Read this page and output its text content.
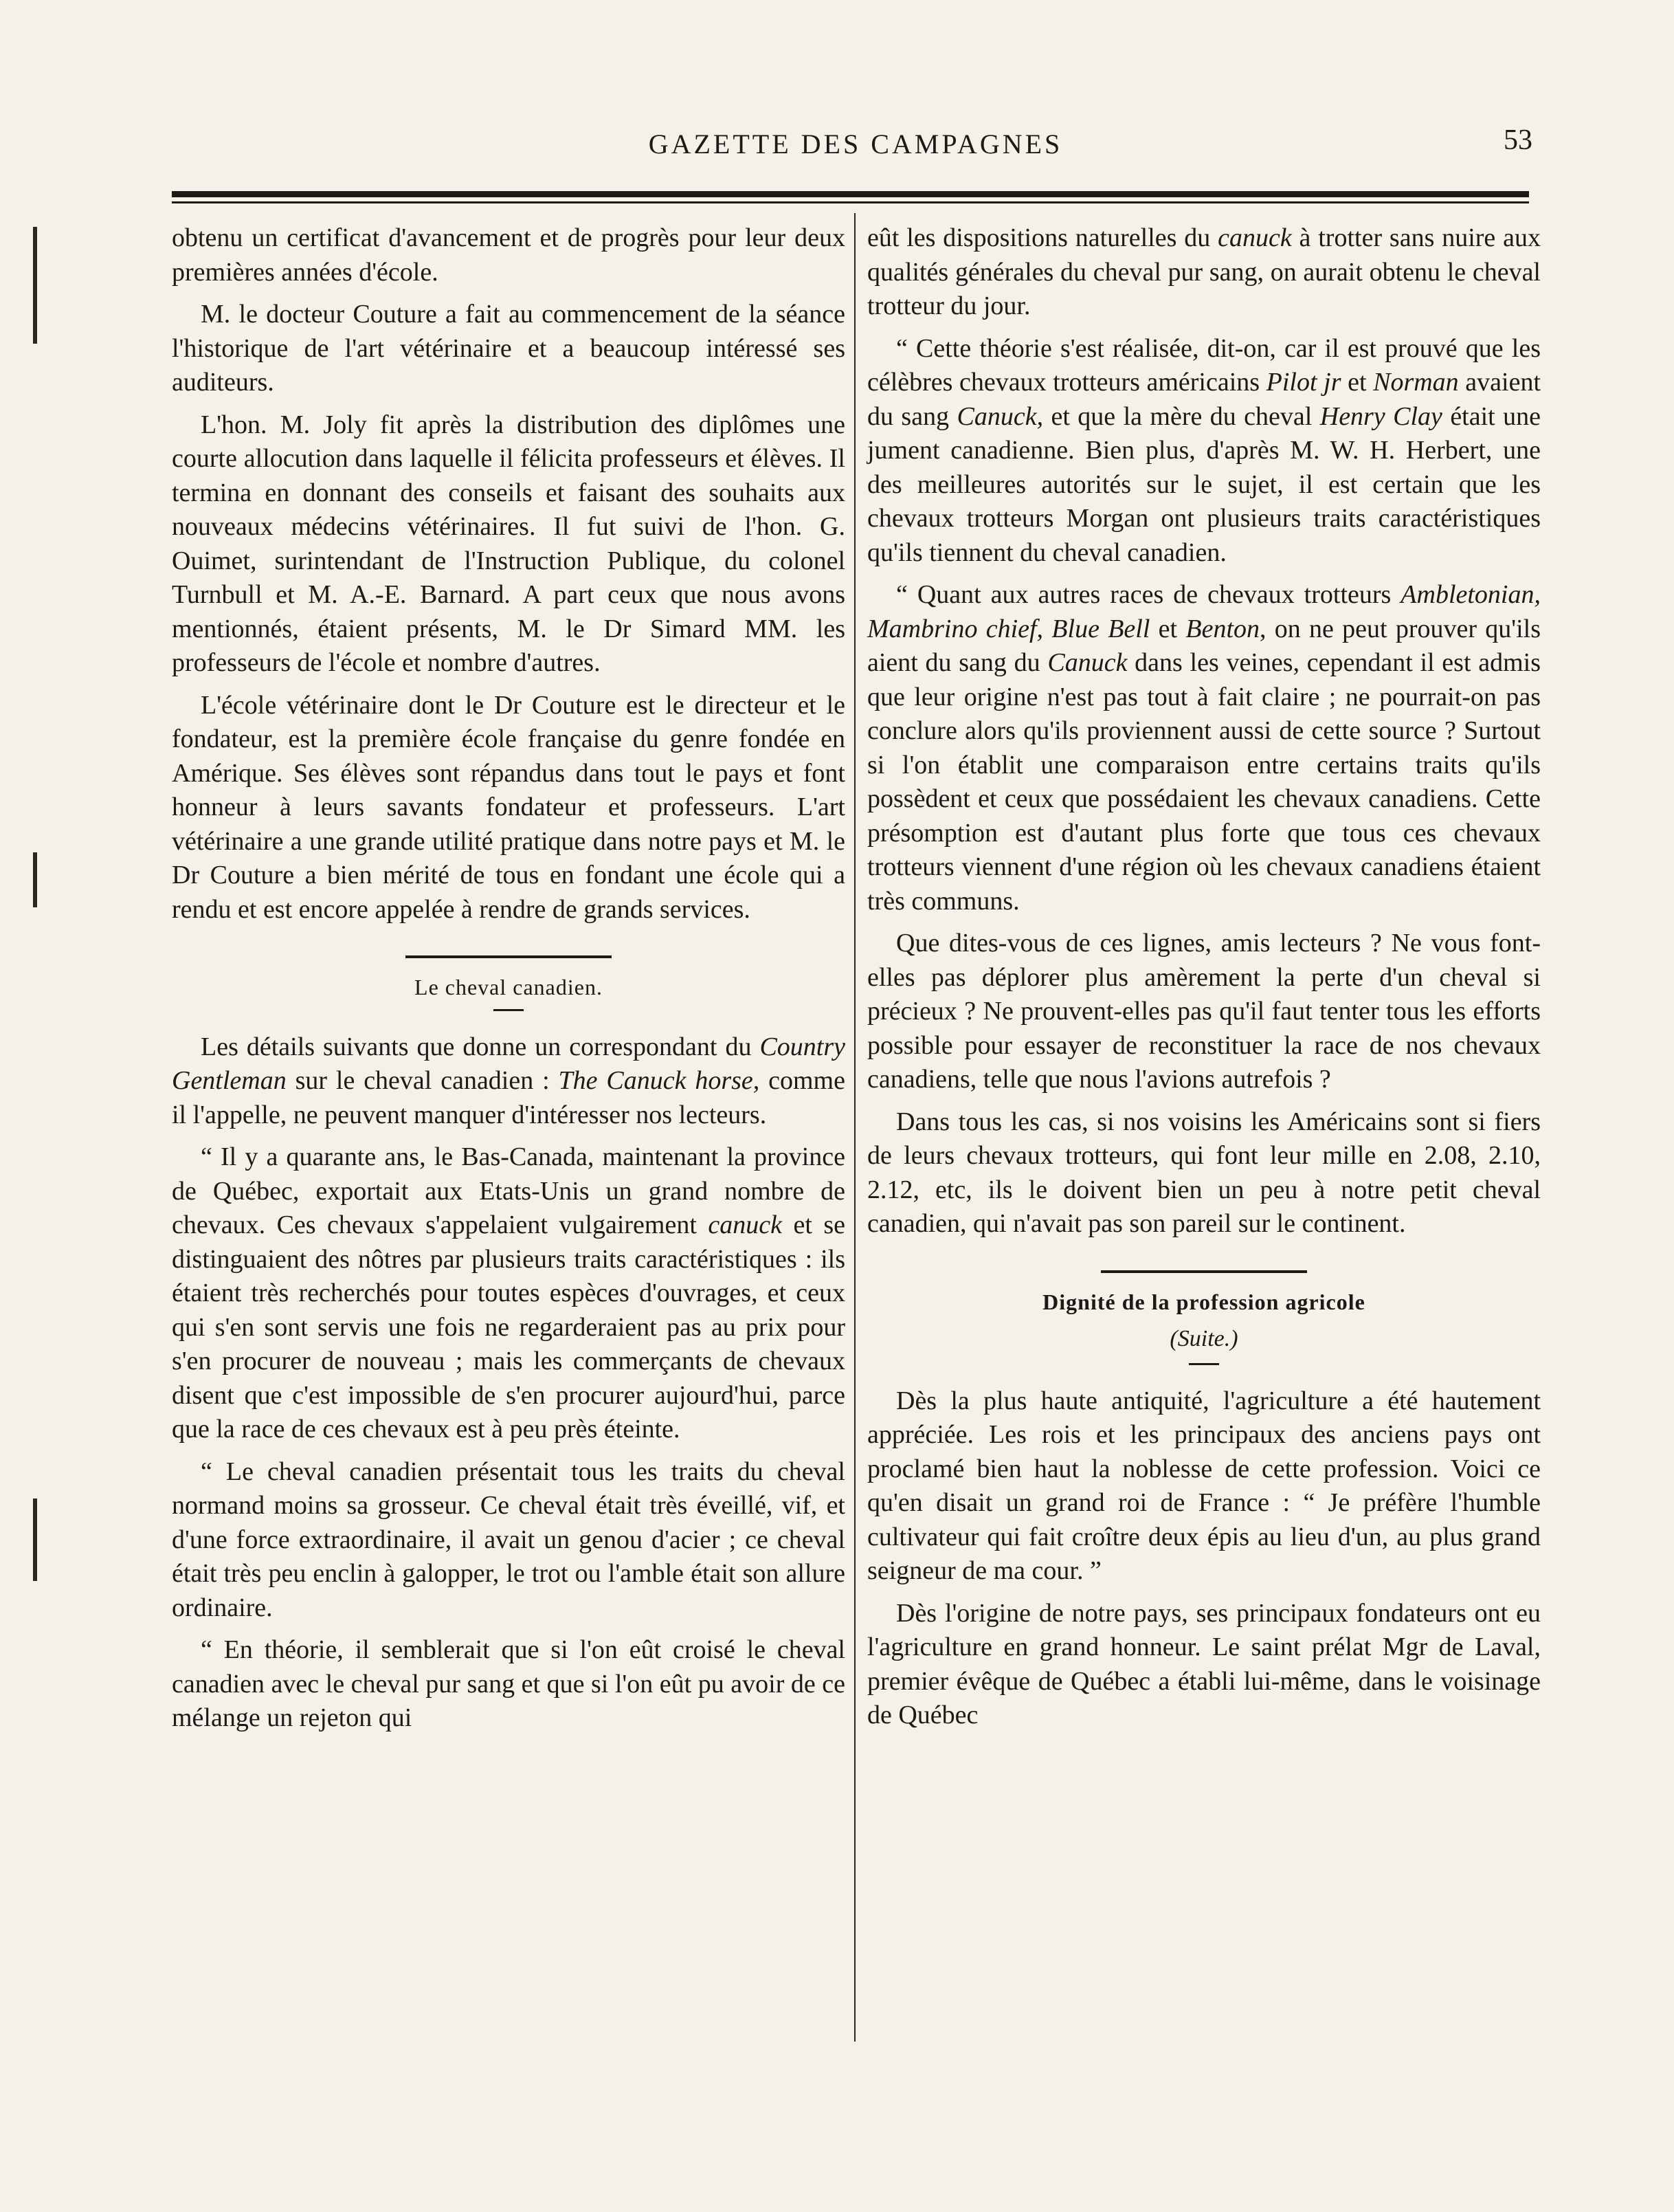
GAZETTE DES CAMPAGNES	53

obtenu un certificat d'avancement et de progrès pour leur deux premières années d'école.

M. le docteur Couture a fait au commencement de la séance l'historique de l'art vétérinaire et a beaucoup intéressé ses auditeurs.

L'hon. M. Joly fit après la distribution des diplômes une courte allocution dans laquelle il félicita professeurs et élèves. Il termina en donnant des conseils et faisant des souhaits aux nouveaux médecins vétérinaires. Il fut suivi de l'hon. G. Ouimet, surintendant de l'Instruction Publique, du colonel Turnbull et M. A.-E. Barnard. A part ceux que nous avons mentionnés, étaient présents, M. le Dr Simard MM. les professeurs de l'école et nombre d'autres.

L'école vétérinaire dont le Dr Couture est le directeur et le fondateur, est la première école française du genre fondée en Amérique. Ses élèves sont répandus dans tout le pays et font honneur à leurs savants fondateur et professeurs. L'art vétérinaire a une grande utilité pratique dans notre pays et M. le Dr Couture a bien mérité de tous en fondant une école qui a rendu et est encore appelée à rendre de grands services.

Le cheval canadien.

Les détails suivants que donne un correspondant du Country Gentleman sur le cheval canadien : The Canuck horse, comme il l'appelle, ne peuvent manquer d'intéresser nos lecteurs.

“ Il y a quarante ans, le Bas-Canada, maintenant la province de Québec, exportait aux Etats-Unis un grand nombre de chevaux. Ces chevaux s'appelaient vulgairement canuck et se distinguaient des nôtres par plusieurs traits caractéristiques : ils étaient très recherchés pour toutes espèces d'ouvrages, et ceux qui s'en sont servis une fois ne regarderaient pas au prix pour s'en procurer de nouveau ; mais les commerçants de chevaux disent que c'est impossible de s'en procurer aujourd'hui, parce que la race de ces chevaux est à peu près éteinte.

“ Le cheval canadien présentait tous les traits du cheval normand moins sa grosseur. Ce cheval était très éveillé, vif, et d'une force extraordinaire, il avait un genou d'acier ; ce cheval était très peu enclin à galopper, le trot ou l'amble était son allure ordinaire.

“ En théorie, il semblerait que si l'on eût croisé le cheval canadien avec le cheval pur sang et que si l'on eût pu avoir de ce mélange un rejeton qui

eût les dispositions naturelles du canuck à trotter sans nuire aux qualités générales du cheval pur sang, on aurait obtenu le cheval trotteur du jour.

“ Cette théorie s'est réalisée, dit-on, car il est prouvé que les célèbres chevaux trotteurs américains Pilot jr et Norman avaient du sang Canuck, et que la mère du cheval Henry Clay était une jument canadienne. Bien plus, d'après M. W. H. Herbert, une des meilleures autorités sur le sujet, il est certain que les chevaux trotteurs Morgan ont plusieurs traits caractéristiques qu'ils tiennent du cheval canadien.

“ Quant aux autres races de chevaux trotteurs Ambletonian, Mambrino chief, Blue Bell et Benton, on ne peut prouver qu'ils aient du sang du Canuck dans les veines, cependant il est admis que leur origine n'est pas tout à fait claire ; ne pourrait-on pas conclure alors qu'ils proviennent aussi de cette source ? Surtout si l'on établit une comparaison entre certains traits qu'ils possèdent et ceux que possédaient les chevaux canadiens. Cette présomption est d'autant plus forte que tous ces chevaux trotteurs viennent d'une région où les chevaux canadiens étaient très communs.

Que dites-vous de ces lignes, amis lecteurs ? Ne vous font-elles pas déplorer plus amèrement la perte d'un cheval si précieux ? Ne prouvent-elles pas qu'il faut tenter tous les efforts possible pour essayer de reconstituer la race de nos chevaux canadiens, telle que nous l'avions autrefois ?

Dans tous les cas, si nos voisins les Américains sont si fiers de leurs chevaux trotteurs, qui font leur mille en 2.08, 2.10, 2.12, etc, ils le doivent bien un peu à notre petit cheval canadien, qui n'avait pas son pareil sur le continent.

Dignité de la profession agricole
(Suite.)

Dès la plus haute antiquité, l'agriculture a été hautement appréciée. Les rois et les principaux des anciens pays ont proclamé bien haut la noblesse de cette profession. Voici ce qu'en disait un grand roi de France : “ Je préfère l'humble cultivateur qui fait croître deux épis au lieu d'un, au plus grand seigneur de ma cour. ”

Dès l'origine de notre pays, ses principaux fondateurs ont eu l'agriculture en grand honneur. Le saint prélat Mgr de Laval, premier évêque de Québec a établi lui-même, dans le voisinage de Québec
